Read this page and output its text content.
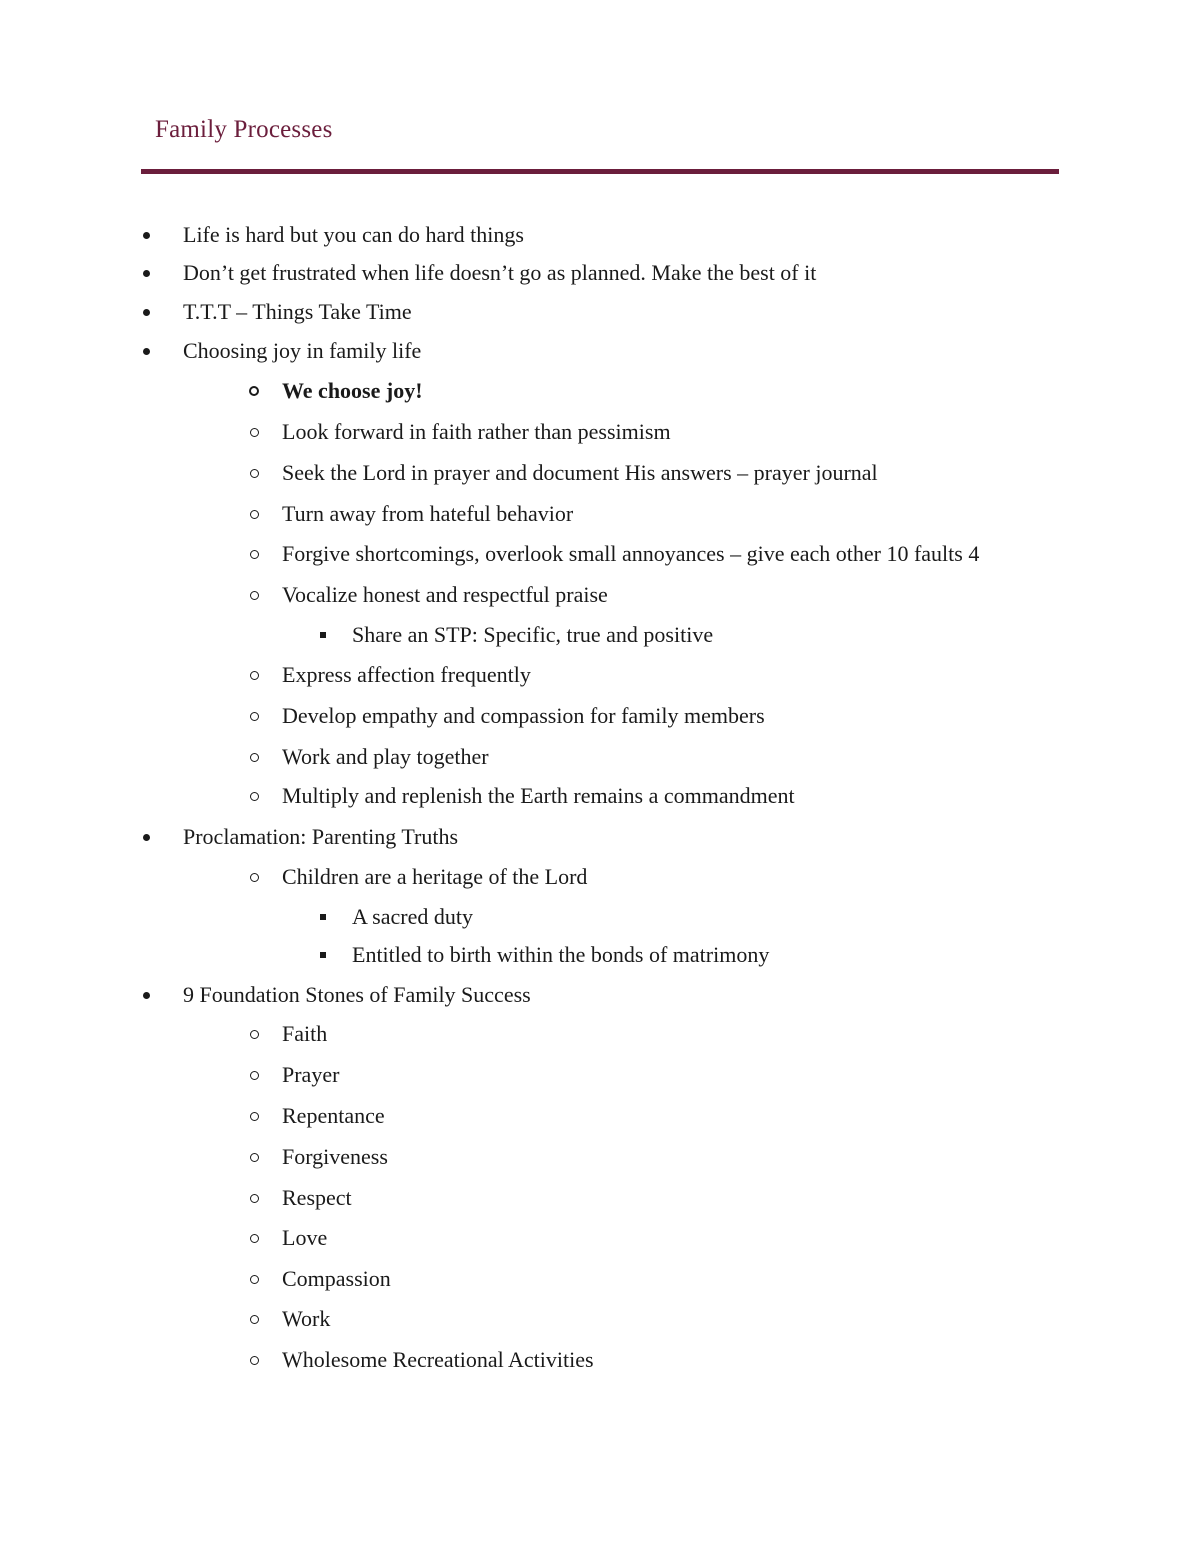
Family Processes
Life is hard but you can do hard things
Don’t get frustrated when life doesn’t go as planned. Make the best of it
T.T.T – Things Take Time
Choosing joy in family life
We choose joy!
Look forward in faith rather than pessimism
Seek the Lord in prayer and document His answers – prayer journal
Turn away from hateful behavior
Forgive shortcomings, overlook small annoyances – give each other 10 faults 4
Vocalize honest and respectful praise
Share an STP: Specific, true and positive
Express affection frequently
Develop empathy and compassion for family members
Work and play together
Multiply and replenish the Earth remains a commandment
Proclamation: Parenting Truths
Children are a heritage of the Lord
A sacred duty
Entitled to birth within the bonds of matrimony
9 Foundation Stones of Family Success
Faith
Prayer
Repentance
Forgiveness
Respect
Love
Compassion
Work
Wholesome Recreational Activities
